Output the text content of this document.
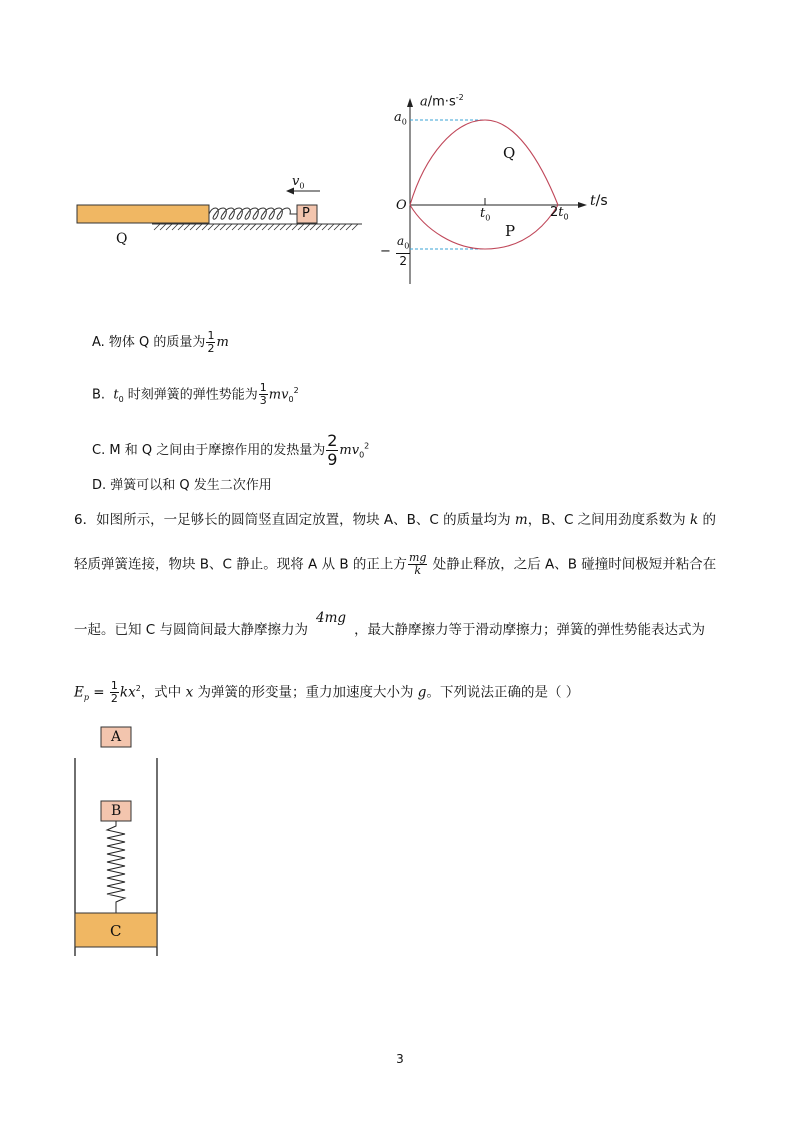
P
Q
$v_0$
$a/m\cdot s^{-2}$
$a_0$
O	t/s
$t_0$	$2t_0$
Q
P
− $\frac{a_0}{2}$
A. 物体 Q 的质量为 $\frac{1}{2}$ m
B. $t_0$ 时刻弹簧的弹性势能为 $\frac{1}{3} mv_0^2$
C. M 和 Q 之间由于摩擦作用的发热量为 $\frac{2}{9} mv_0^2$
D. 弹簧可以和 Q 发生二次作用
6．如图所示，一足够长的圆筒竖直固定放置，物块 A、B、C 的质量均为 m，B、C 之间用劲度系数为 k 的
轻质弹簧连接，物块 B、C 静止。现将 A 从 B 的正上方 $\frac{mg}{k}$ 处静止释放，之后 A、B 碰撞时间极短并粘合在
一起。已知 C 与圆筒间最大静摩擦力为4mg，最大静摩擦力等于滑动摩擦力；弹簧的弹性势能表达式为
$E_p = \frac{1}{2} kx^2$，式中 x 为弹簧的形变量；重力加速度大小为 g。下列说法正确的是（ ）
A
B
C
3
